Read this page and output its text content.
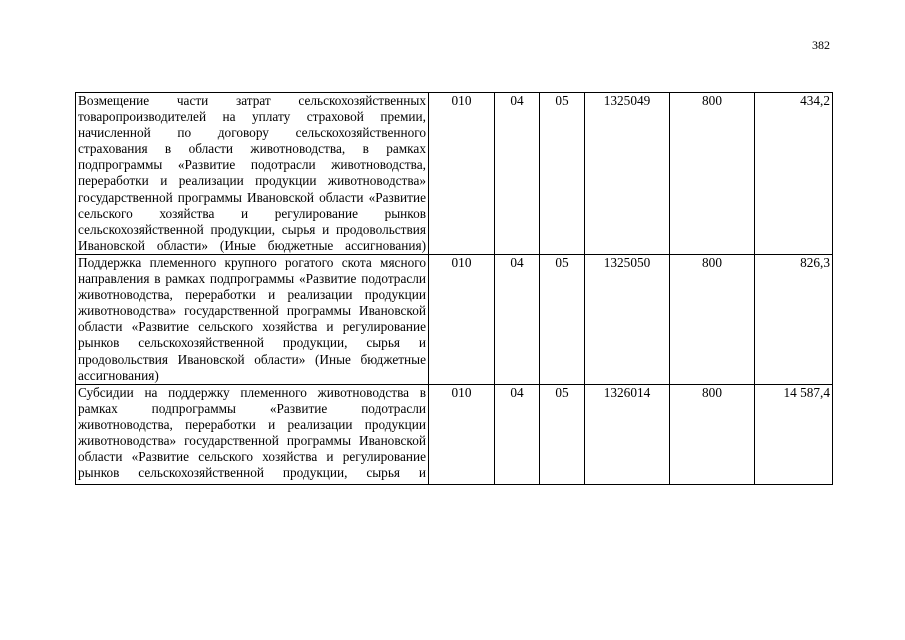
382
Возмещение части затрат сельскохозяйственных товаропроизводителей на уплату страховой премии, начисленной по договору сельскохозяйственного страхования в области животноводства, в рамках подпрограммы «Развитие подотрасли животноводства, переработки и реализации продукции животноводства» государственной программы Ивановской области «Развитие сельского хозяйства и регулирование рынков сельскохозяйственной продукции, сырья и продовольствия Ивановской области» (Иные бюджетные ассигнования)	010	04	05	1325049	800	434,2
Поддержка племенного крупного рогатого скота мясного направления в рамках подпрограммы «Развитие подотрасли животноводства, переработки и реализации продукции животноводства» государственной программы Ивановской области «Развитие сельского хозяйства и регулирование рынков сельскохозяйственной продукции, сырья и продовольствия Ивановской области» (Иные бюджетные ассигнования)	010	04	05	1325050	800	826,3

Субсидии на поддержку племенного животноводства в рамках подпрограммы «Развитие подотрасли животноводства, переработки и реализации продукции животноводства» государственной программы Ивановской области «Развитие сельского хозяйства и регулирование рынков сельскохозяйственной продукции, сырья и	010	04	05	1326014	800	14 587,4
